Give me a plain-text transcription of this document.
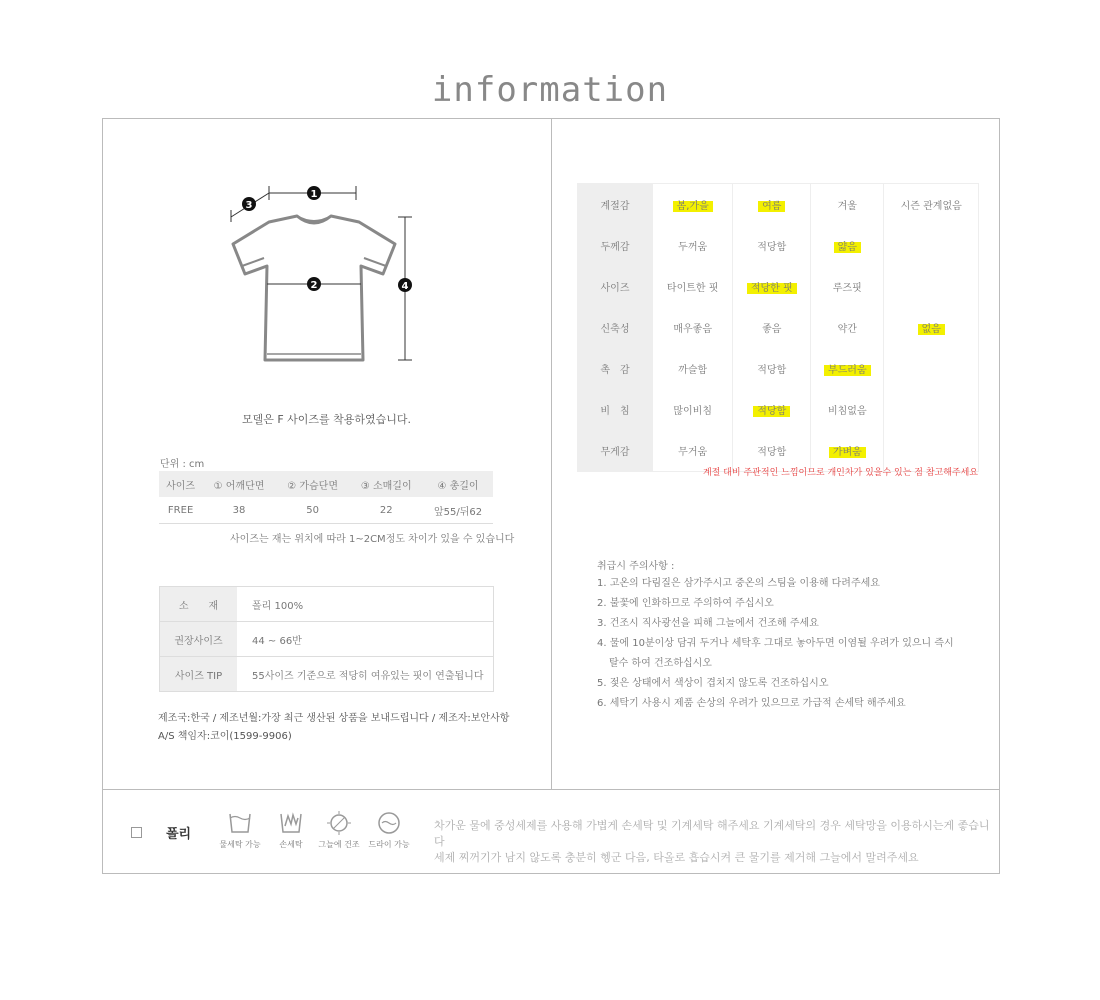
information
1
3
2	4
모델은 F 사이즈를 착용하였습니다.
단위 : cm
사이즈	① 어깨단면	② 가슴단면	③ 소매길이	④ 총길이
FREE	38	50	22	앞55/뒤62
사이즈는 재는 위치에 따라 1~2CM정도 차이가 있을 수 있습니다
소　　재	폴리 100%
권장사이즈	44 ~ 66반
사이즈 TIP	55사이즈 기준으로 적당히 여유있는 핏이 연출됩니다
제조국:한국 / 제조년월:가장 최근 생산된 상품을 보내드립니다 / 제조자:보안사항
A/S 책임자:코이(1599-9906)
계절감	봄,가을	여름	겨울	시즌 관계없음
두께감	두꺼움	적당함	얇음	
사이즈	타이트한 핏	적당한 핏	루즈핏	
신축성	매우좋음	좋음	약간	없음
촉　감	까슬함	적당함	부드러움	
비　침	많이비침	적당함	비침없음	
무게감	무거움	적당함	가벼움	
계절 대비 주관적인 느낌이므로 개인차가 있을수 있는 점 참고해주세요
취급시 주의사항 :
1. 고온의 다림질은 삼가주시고 중온의 스팀을 이용해 다려주세요
2. 불꽃에 인화하므로 주의하여 주십시오
3. 건조시 직사광선을 피해 그늘에서 건조해 주세요
4. 물에 10분이상 담궈 두거나 세탁후 그대로 놓아두면 이염될 우려가 있으니 즉시
탈수 하여 건조하십시오
5. 젖은 상태에서 색상이 겹치지 않도록 건조하십시오
6. 세탁기 사용시 제품 손상의 우려가 있으므로 가급적 손세탁 해주세요
폴리
물세탁 가능	손세탁	그늘에 건조 드라이 가능
차가운 물에 중성세제를 사용해 가볍게 손세탁 및 기계세탁 해주세요 기계세탁의 경우 세탁망을 이용하시는게 좋습니다
세제 찌꺼기가 남지 않도록 충분히 헹군 다음, 타올로 흡습시켜 큰 물기를 제거해 그늘에서 말려주세요
